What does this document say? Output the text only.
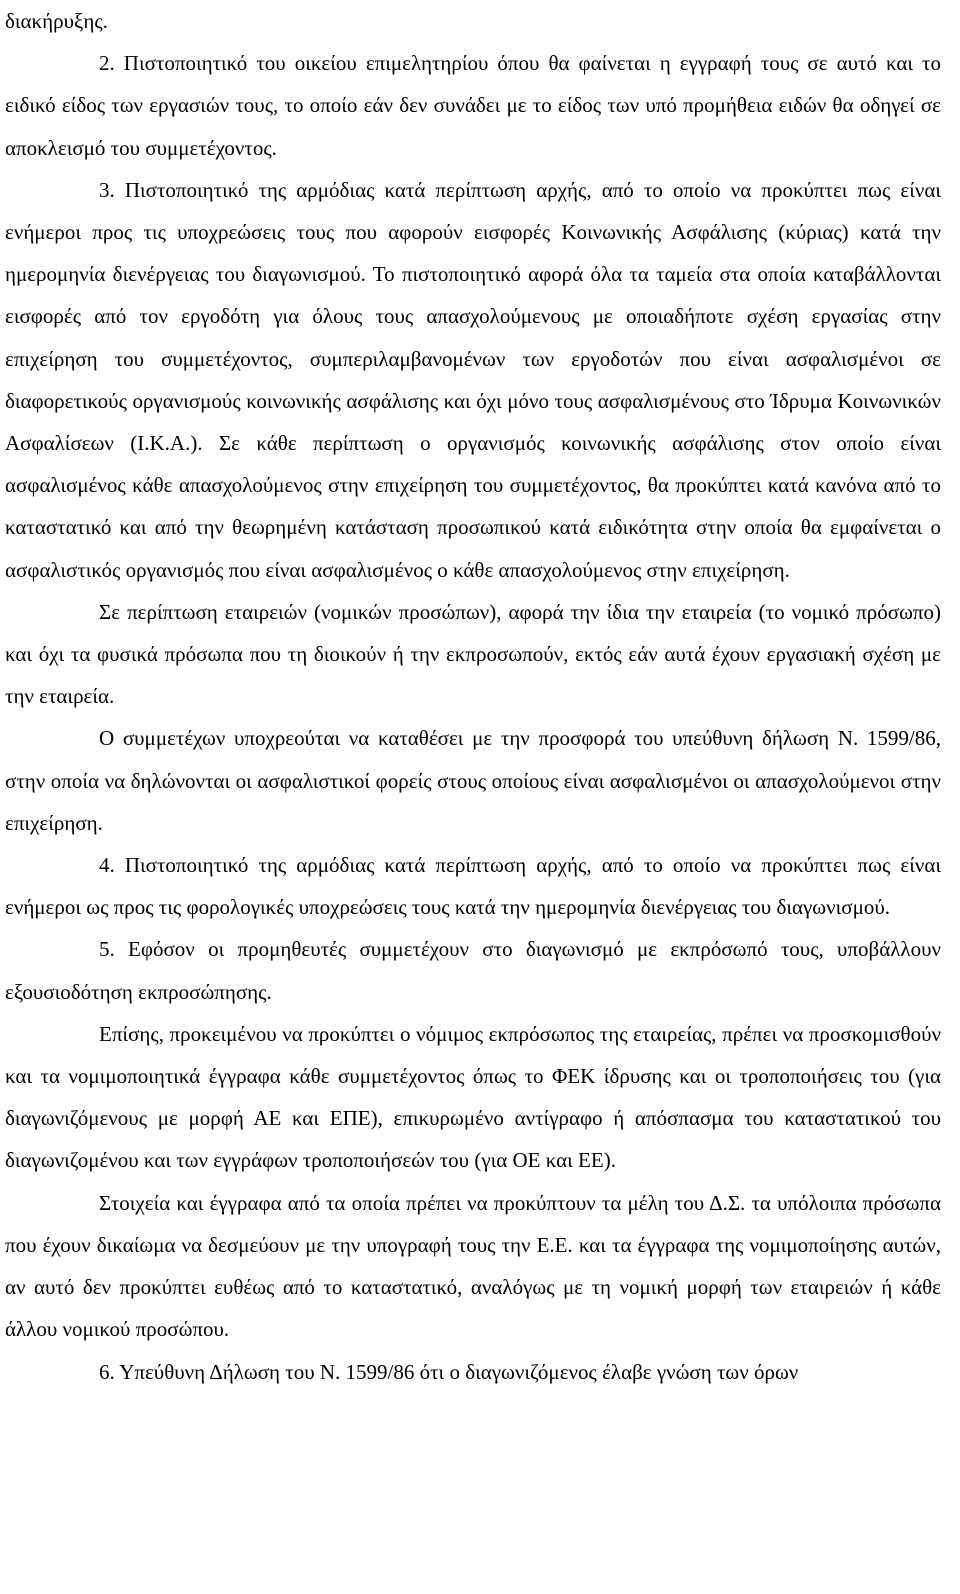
διακήρυξης.

2. Πιστοποιητικό του οικείου επιμελητηρίου όπου θα φαίνεται η εγγραφή τους σε αυτό και το ειδικό είδος των εργασιών τους, το οποίο εάν δεν συνάδει με το είδος των υπό προμήθεια ειδών θα οδηγεί σε αποκλεισμό του συμμετέχοντος.

3. Πιστοποιητικό της αρμόδιας κατά περίπτωση αρχής, από το οποίο να προκύπτει πως είναι ενήμεροι προς τις υποχρεώσεις τους που αφορούν εισφορές Κοινωνικής Ασφάλισης (κύριας) κατά την ημερομηνία διενέργειας του διαγωνισμού. Το πιστοποιητικό αφορά όλα τα ταμεία στα οποία καταβάλλονται εισφορές από τον εργοδότη για όλους τους απασχολούμενους με οποιαδήποτε σχέση εργασίας στην επιχείρηση του συμμετέχοντος, συμπεριλαμβανομένων των εργοδοτών που είναι ασφαλισμένοι σε διαφορετικούς οργανισμούς κοινωνικής ασφάλισης και όχι μόνο τους ασφαλισμένους στο Ίδρυμα Κοινωνικών Ασφαλίσεων (Ι.Κ.Α.). Σε κάθε περίπτωση ο οργανισμός κοινωνικής ασφάλισης στον οποίο είναι ασφαλισμένος κάθε απασχολούμενος στην επιχείρηση του συμμετέχοντος, θα προκύπτει κατά κανόνα από το καταστατικό και από την θεωρημένη κατάσταση προσωπικού κατά ειδικότητα στην οποία θα εμφαίνεται ο ασφαλιστικός οργανισμός που είναι ασφαλισμένος ο κάθε απασχολούμενος στην επιχείρηση.

Σε περίπτωση εταιρειών (νομικών προσώπων), αφορά την ίδια την εταιρεία (το νομικό πρόσωπο) και όχι τα φυσικά πρόσωπα που τη διοικούν ή την εκπροσωπούν, εκτός εάν αυτά έχουν εργασιακή σχέση με την εταιρεία.

Ο συμμετέχων υποχρεούται να καταθέσει με την προσφορά του υπεύθυνη δήλωση Ν. 1599/86, στην οποία να δηλώνονται οι ασφαλιστικοί φορείς στους οποίους είναι ασφαλισμένοι οι απασχολούμενοι στην επιχείρηση.

4. Πιστοποιητικό της αρμόδιας κατά περίπτωση αρχής, από το οποίο να προκύπτει πως είναι ενήμεροι ως προς τις φορολογικές υποχρεώσεις τους κατά την ημερομηνία διενέργειας του διαγωνισμού.

5. Εφόσον οι προμηθευτές συμμετέχουν στο διαγωνισμό με εκπρόσωπό τους, υποβάλλουν εξουσιοδότηση εκπροσώπησης.

Επίσης, προκειμένου να προκύπτει ο νόμιμος εκπρόσωπος της εταιρείας, πρέπει να προσκομισθούν και τα νομιμοποιητικά έγγραφα κάθε συμμετέχοντος όπως το ΦΕΚ ίδρυσης και οι τροποποιήσεις του (για διαγωνιζόμενους με μορφή ΑΕ και ΕΠΕ), επικυρωμένο αντίγραφο ή απόσπασμα του καταστατικού του διαγωνιζομένου και των εγγράφων τροποποιήσεών του (για ΟΕ και ΕΕ).

Στοιχεία και έγγραφα από τα οποία πρέπει να προκύπτουν τα μέλη του Δ.Σ. τα υπόλοιπα πρόσωπα που έχουν δικαίωμα να δεσμεύουν με την υπογραφή τους την Ε.Ε. και τα έγγραφα της νομιμοποίησης αυτών, αν αυτό δεν προκύπτει ευθέως από το καταστατικό, αναλόγως με τη νομική μορφή των εταιρειών ή κάθε άλλου νομικού προσώπου.

6. Υπεύθυνη Δήλωση του Ν. 1599/86 ότι ο διαγωνιζόμενος έλαβε γνώση των όρων
